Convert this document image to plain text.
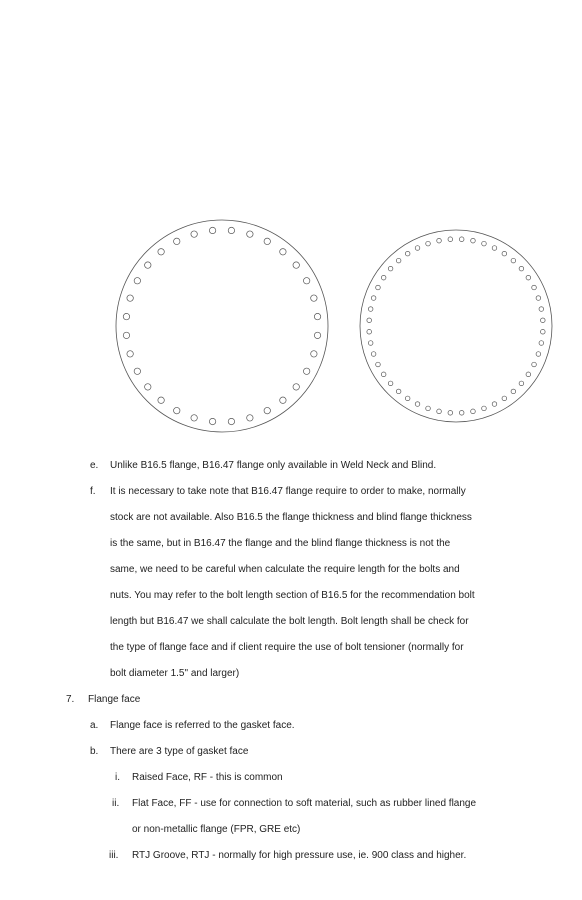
e. Unlike B16.5 flange, B16.47 flange only available in Weld Neck and Blind.
f. It is necessary to take note that B16.47 flange require to order to make, normally
stock are not available. Also B16.5 the flange thickness and blind flange thickness
is the same, but in B16.47 the flange and the blind flange thickness is not the
same, we need to be careful when calculate the require length for the bolts and
nuts. You may refer to the bolt length section of B16.5 for the recommendation bolt
length but B16.47 we shall calculate the bolt length. Bolt length shall be check for
the type of flange face and if client require the use of bolt tensioner (normally for
bolt diameter 1.5" and larger)
7. Flange face
a. Flange face is referred to the gasket face.
b. There are 3 type of gasket face
i. Raised Face, RF - this is common
ii. Flat Face, FF - use for connection to soft material, such as rubber lined flange
or non-metallic flange (FPR, GRE etc)
iii. RTJ Groove, RTJ - normally for high pressure use, ie. 900 class and higher.
